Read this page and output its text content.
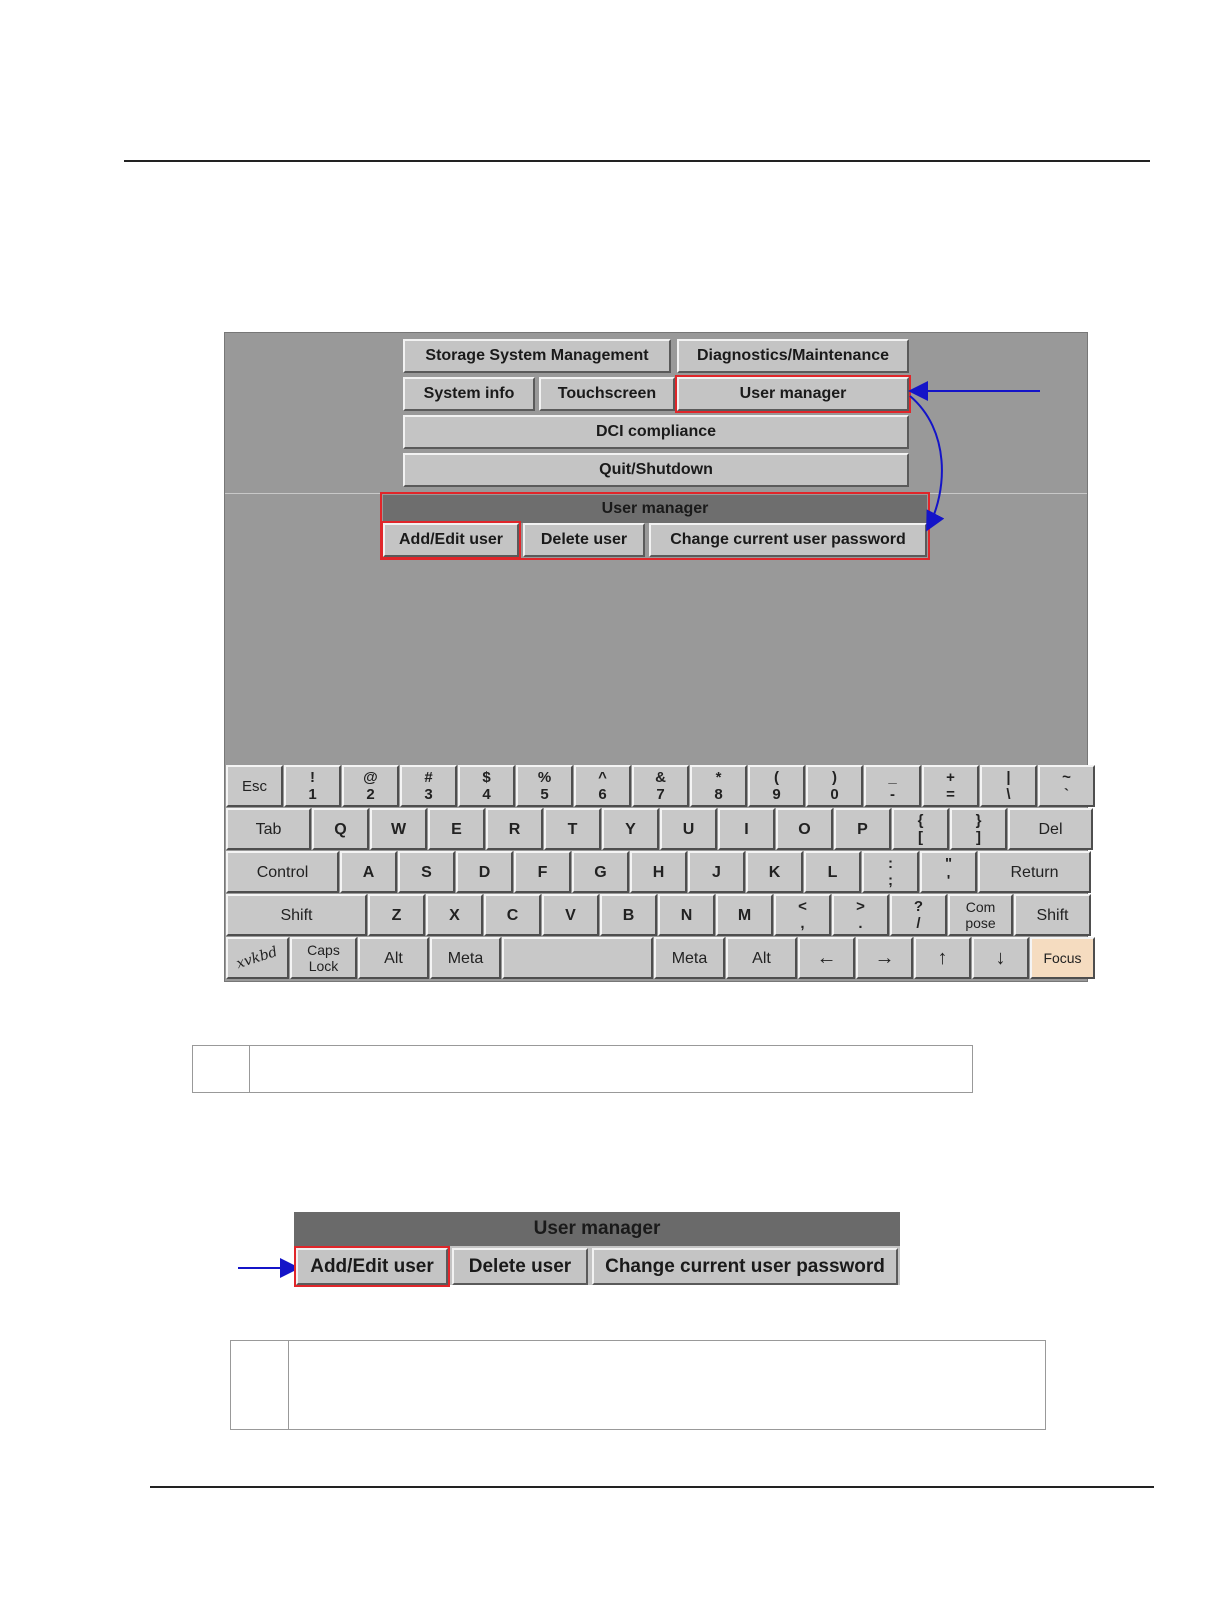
Storage System Management	Diagnostics/Maintenance
System info	Touchscreen	User manager
DCI compliance
Quit/Shutdown
User manager
Add/Edit user	Delete user	Change current user password
Esc	!
1
@
2
#
3
$
4
%
5
^
6
&
7
*
8
(
9
)
0
_
-
+
=
|
\
~
`
Tab	Q	W	E	R	T	Y	U	I	O	P	{
[
}
]	Del
Control	A	S	D	F	G	H	J	K	L	:
;
"
'	Return
Shift	Z	X	C	V	B	N	M	<
,
>
.
?
/
Com
pose	Shift
xvkbd Caps
Lock	Alt	Meta	Meta	Alt ← → ↑ ↓	Focus
User manager
Add/Edit user	Delete user	Change current user password
